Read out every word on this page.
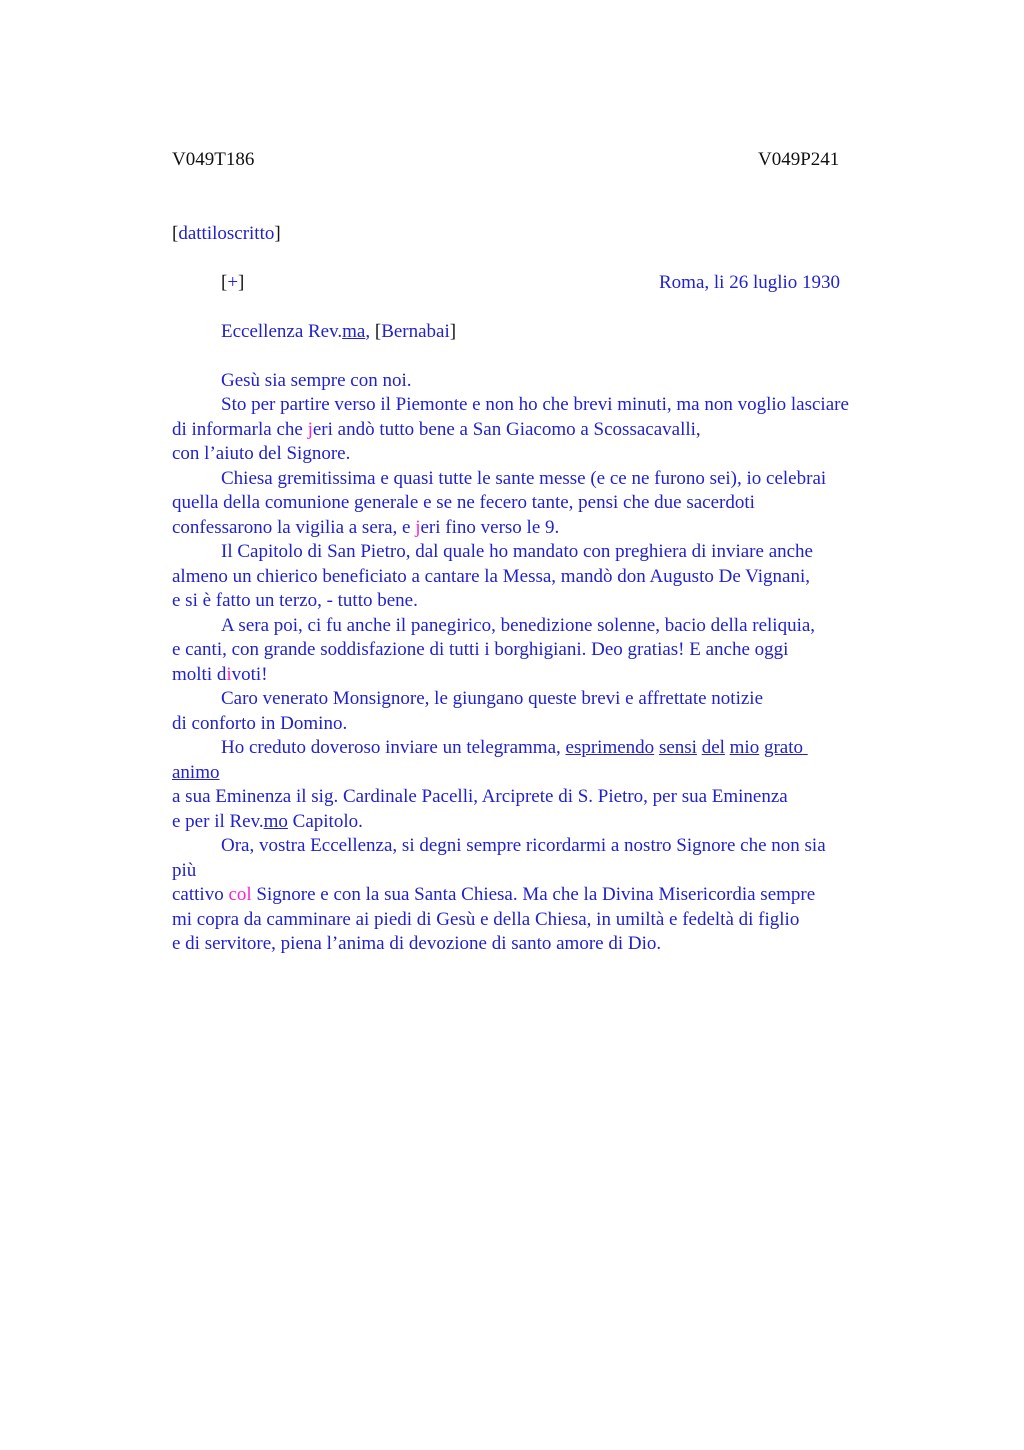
V049T186	V049P241
[dattiloscritto]
[+]	Roma, li 26 luglio 1930
Eccellenza Rev.ma, [Bernabai]
Gesù sia sempre con noi.
Sto per partire verso il Piemonte e non ho che brevi minuti, ma non voglio lasciare
di informarla che jeri andò tutto bene a San Giacomo a Scossacavalli,
con l’aiuto del Signore.
Chiesa gremitissima e quasi tutte le sante messe (e ce ne furono sei), io celebrai
quella della comunione generale e se ne fecero tante, pensi che due sacerdoti
confessarono la vigilia a sera, e jeri fino verso le 9.
Il Capitolo di San Pietro, dal quale ho mandato con preghiera di inviare anche
almeno un chierico beneficiato a cantare la Messa, mandò don Augusto De Vignani,
e si è fatto un terzo, - tutto bene.
A sera poi, ci fu anche il panegirico, benedizione solenne, bacio della reliquia,
e canti, con grande soddisfazione di tutti i borghigiani. Deo gratias! E anche oggi
molti divoti!
Caro venerato Monsignore, le giungano queste brevi e affrettate notizie
di conforto in Domino.
Ho creduto doveroso inviare un telegramma, esprimendo sensi del mio grato
animo
a sua Eminenza il sig. Cardinale Pacelli, Arciprete di S. Pietro, per sua Eminenza
e per il Rev.mo Capitolo.
Ora, vostra Eccellenza, si degni sempre ricordarmi a nostro Signore che non sia
più
cattivo col Signore e con la sua Santa Chiesa. Ma che la Divina Misericordia sempre
mi copra da camminare ai piedi di Gesù e della Chiesa, in umiltà e fedeltà di figlio
e di servitore, piena l’anima di devozione di santo amore di Dio.
